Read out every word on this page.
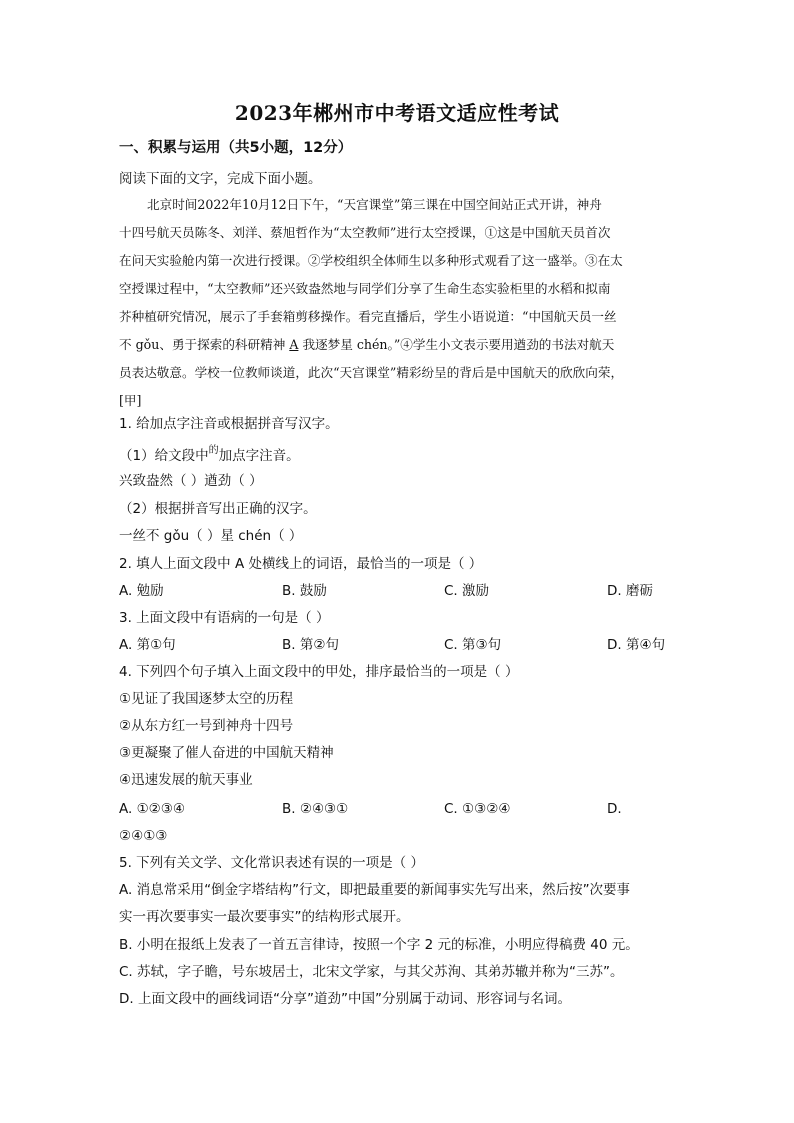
2023年郴州市中考语文适应性考试
一、积累与运用（共5小题，12分）
阅读下面的文字，完成下面小题。
北京时间2022年10月12日下午，“天宫课堂”第三课在中国空间站正式开讲，神舟
十四号航天员陈冬、刘洋、蔡旭哲作为“太空教师”进行太空授课，①这是中国航天员首次
在问天实验舱内第一次进行授课。②学校组织全体师生以多种形式观看了这一盛举。③在太
空授课过程中，“太空教师”还兴致盎然地与同学们分享了生命生态实验柜里的水稻和拟南
芥种植研究情况，展示了手套箱剪移操作。看完直播后，学生小语说道：“中国航天员一丝
不 gǒu、勇于探索的科研精神 A 我逐梦星 chén。”④学生小文表示要用遒劲的书法对航天
员表达敬意。学校一位教师谈道，此次“天宫课堂”精彩纷呈的背后是中国航天的欣欣向荣，
[甲]
1. 给加点字注音或根据拼音写汉字。
（1）给文段中$^的$加点字注音。
兴致盎然（ ）遒劲（ ）
（2）根据拼音写出正确的汉字。
一丝不 gǒu（ ）星 chén（ ）
2. 填人上面文段中 A 处横线上的词语，最恰当的一项是（ ）
A. 勉励	B. 鼓励	C. 激励	D. 磨砺
3. 上面文段中有语病的一句是（ ）
A. 第①句	B. 第②句	C. 第③句	D. 第④句
4. 下列四个句子填入上面文段中的甲处，排序最恰当的一项是（ ）
①见证了我国逐梦太空的历程
②从东方红一号到神舟十四号
③更凝聚了催人奋进的中国航天精神
④迅速发展的航天事业
A. ①②③④	B. ②④③①	C. ①③②④	D.
②④①③
5. 下列有关文学、文化常识表述有误的一项是（ ）
A. 消息常采用“倒金字塔结构”行文，即把最重要的新闻事实先写出来，然后按”次要事
实一再次要事实一最次要事实”的结构形式展开。
B. 小明在报纸上发表了一首五言律诗，按照一个字 2 元的标准，小明应得稿费 40 元。
C. 苏轼，字子瞻，号东坡居士，北宋文学家，与其父苏洵、其弟苏辙并称为“三苏”。
D. 上面文段中的画线词语“分享”道劲”中国”分别属于动词、形容词与名词。
